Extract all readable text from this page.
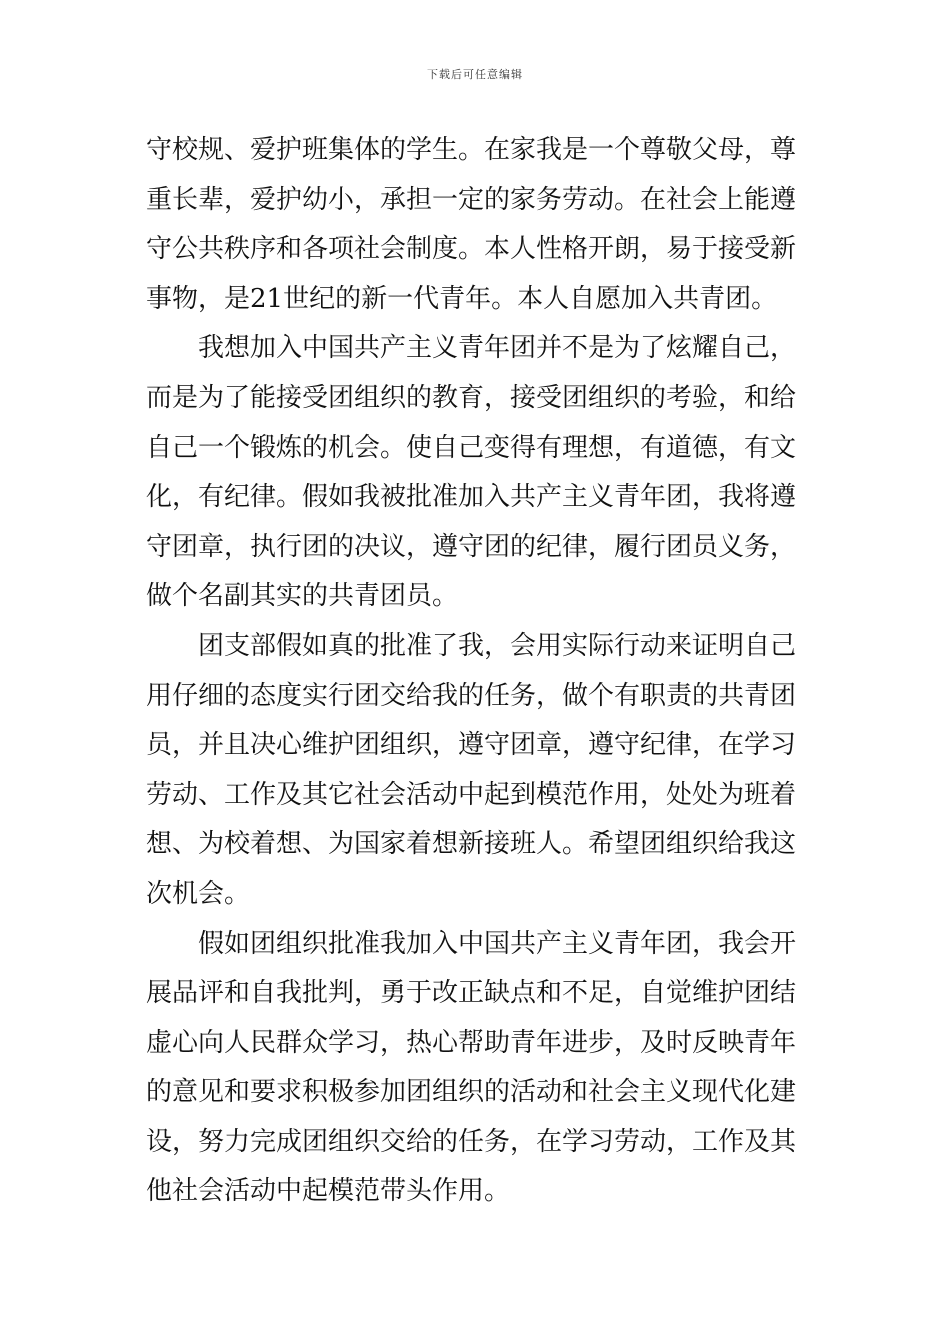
下载后可任意编辑
守校规、爱护班集体的学生。在家我是一个尊敬父母，尊
重长辈，爱护幼小，承担一定的家务劳动。在社会上能遵
守公共秩序和各项社会制度。本人性格开朗，易于接受新
事物，是21世纪的新一代青年。本人自愿加入共青团。
我想加入中国共产主义青年团并不是为了炫耀自己，
而是为了能接受团组织的教育，接受团组织的考验，和给
自己一个锻炼的机会。使自己变得有理想，有道德，有文
化，有纪律。假如我被批准加入共产主义青年团，我将遵
守团章，执行团的决议，遵守团的纪律，履行团员义务，
做个名副其实的共青团员。
团支部假如真的批准了我，会用实际行动来证明自己
用仔细的态度实行团交给我的任务，做个有职责的共青团
员，并且决心维护团组织，遵守团章，遵守纪律，在学习
劳动、工作及其它社会活动中起到模范作用，处处为班着
想、为校着想、为国家着想新接班人。希望团组织给我这
次机会。
假如团组织批准我加入中国共产主义青年团，我会开
展品评和自我批判，勇于改正缺点和不足，自觉维护团结
虚心向人民群众学习，热心帮助青年进步，及时反映青年
的意见和要求积极参加团组织的活动和社会主义现代化建
设，努力完成团组织交给的任务，在学习劳动，工作及其
他社会活动中起模范带头作用。
